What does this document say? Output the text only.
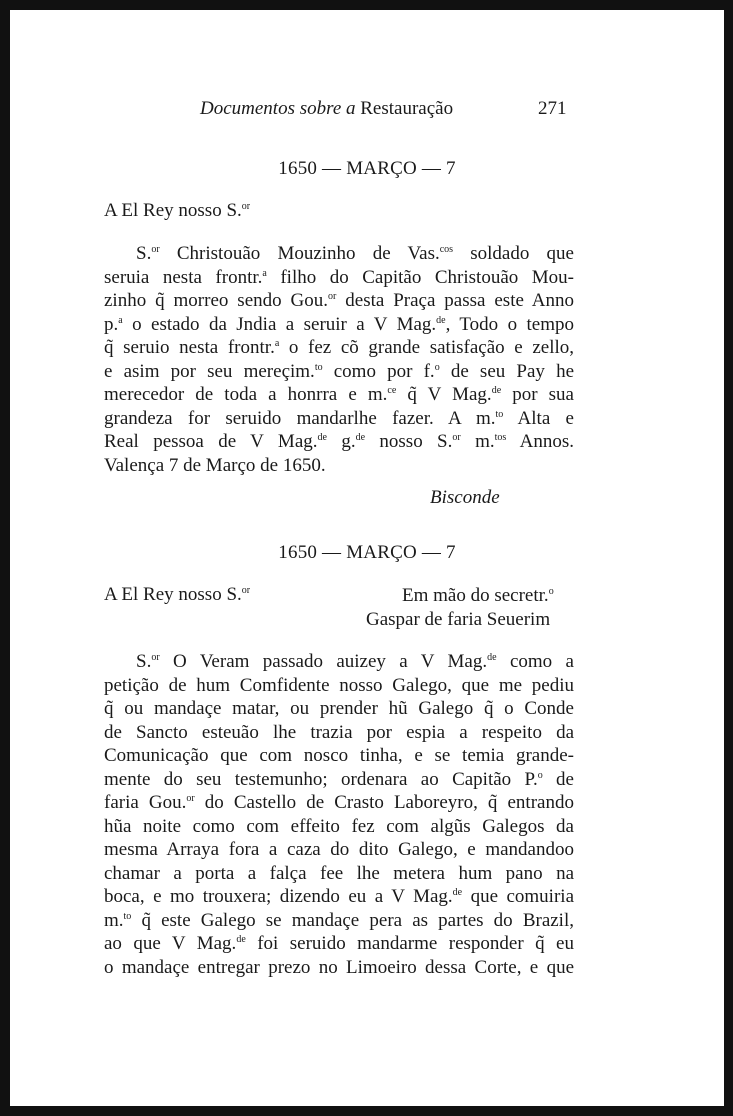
Documentos sobre a Restauração	271
1650 — MARÇO — 7
A El Rey nosso S.$^{or}$
S.$^{or}$ Christouão Mouzinho de Vas.$^{cos}$ soldado que
seruia nesta frontr.$^a$ filho do Capitão Christouão Mou-
zinho q̃ morreo sendo Gou.$^{or}$ desta Praça passa este Anno
p.$^a$ o estado da Jndia a seruir a V Mag.$^{de}$, Todo o tempo
q̃ seruio nesta frontr.$^a$ o fez cõ grande satisfação e zello,
e asim por seu mereçim.$^{to}$ como por f.$^o$ de seu Pay he
merecedor de toda a honrra e m.$^{ce}$ q̃ V Mag.$^{de}$ por sua
grandeza for seruido mandarlhe fazer. A m.$^{to}$ Alta e
Real pessoa de V Mag.$^{de}$ g.$^{de}$ nosso S.$^{or}$ m.$^{tos}$ Annos.
Valença 7 de Março de 1650.
Bisconde
1650 — MARÇO — 7
A El Rey nosso S.$^{or}$	Em mão do secretr.$^o$
Gaspar de faria Seuerim
S.$^{or}$ O Veram passado auizey a V Mag.$^{de}$ como a
petição de hum Comfidente nosso Galego, que me pediu
q̃ ou mandaçe matar, ou prender hũ Galego q̃ o Conde
de Sancto esteuão lhe trazia por espia a respeito da
Comunicação que com nosco tinha, e se temia grande-
mente do seu testemunho; ordenara ao Capitão P.$^o$ de
faria Gou.$^{or}$ do Castello de Crasto Laboreyro, q̃ entrando
hũa noite como com effeito fez com algũs Galegos da
mesma Arraya fora a caza do dito Galego, e mandandoo
chamar a porta a falça fee lhe metera hum pano na
boca, e mo trouxera; dizendo eu a V Mag.$^{de}$ que comuiria
m.$^{to}$ q̃ este Galego se mandaçe pera as partes do Brazil,
ao que V Mag.$^{de}$ foi seruido mandarme responder q̃ eu
o mandaçe entregar prezo no Limoeiro dessa Corte, e que
